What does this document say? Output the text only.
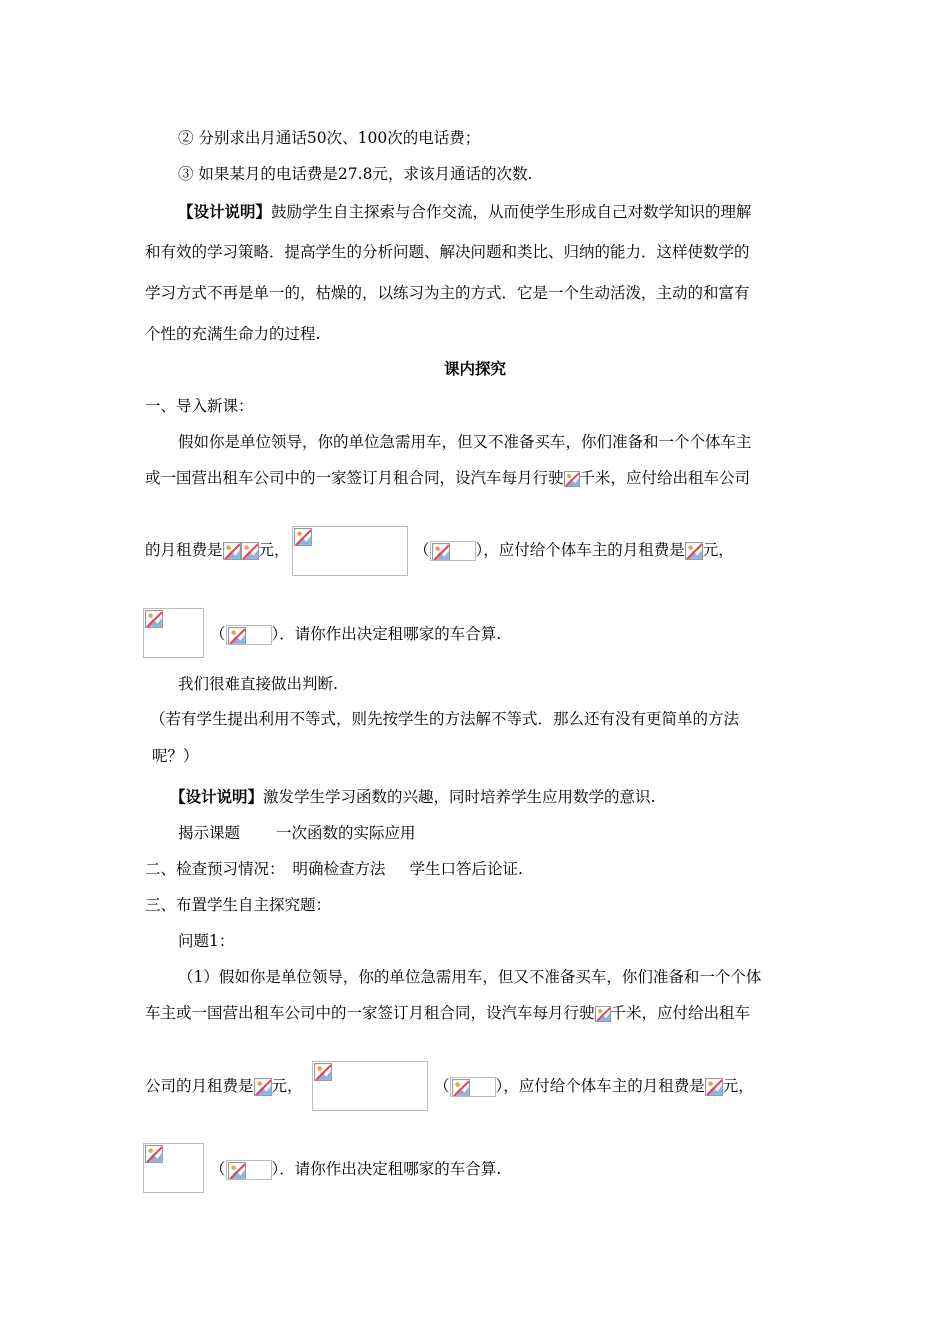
② 分别求出月通话50次、100次的电话费；
③ 如果某月的电话费是27.8元，求该月通话的次数.
【设计说明】鼓励学生自主探索与合作交流，从而使学生形成自己对数学知识的理解
和有效的学习策略．提高学生的分析问题、解决问题和类比、归纳的能力．这样使数学的
学习方式不再是单一的，枯燥的，以练习为主的方式．它是一个生动活泼，主动的和富有
个性的充满生命力的过程.
课内探究
一、导入新课：
假如你是单位领导，你的单位急需用车，但又不准备买车，你们准备和一个个体车主
或一国营出租车公司中的一家签订月租合同，设汽车每月行驶 千米，应付给出租车公司
的月租费是 元，	（	），应付给个体车主的月租费是 元，
（	）．请你作出决定租哪家的车合算.
我们很难直接做出判断.
（若有学生提出利用不等式，则先按学生的方法解不等式．那么还有没有更简单的方法
呢？）
【设计说明】激发学生学习函数的兴趣，同时培养学生应用数学的意识.
揭示课题 一次函数的实际应用
二、检查预习情况： 明确检查方法 学生口答后论证.
三、布置学生自主探究题：
问题1：
（1）假如你是单位领导，你的单位急需用车，但又不准备买车，你们准备和一个个体
车主或一国营出租车公司中的一家签订月租合同，设汽车每月行驶 千米，应付给出租车
公司的月租费是 元，	（	），应付给个体车主的月租费是 元，
（	）．请你作出决定租哪家的车合算.
